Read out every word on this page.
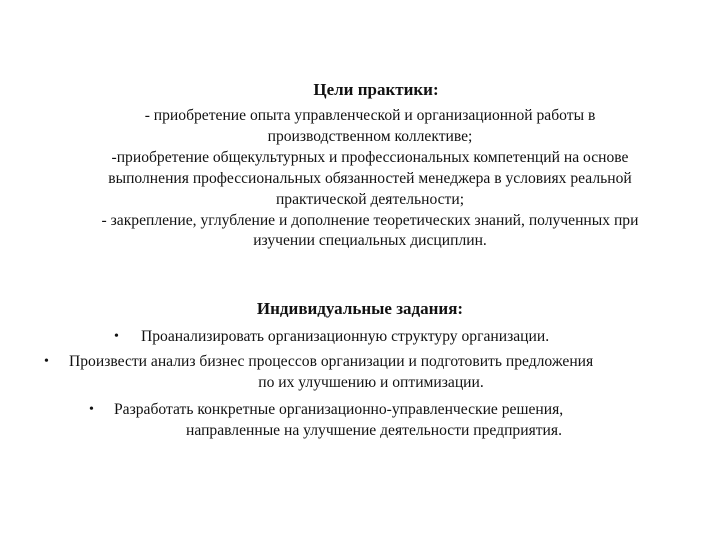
Цели практики:
- приобретение опыта управленческой и организационной работы в
производственном коллективе;
-приобретение общекультурных и профессиональных компетенций на основе
выполнения профессиональных обязанностей менеджера в условиях реальной
практической деятельности;
- закрепление, углубление и дополнение теоретических знаний, полученных при
изучении специальных дисциплин.
Индивидуальные задания:
• Проанализировать организационную структуру организации.
• Произвести анализ бизнес процессов организации и подготовить предложения
по их улучшению и оптимизации.
• Разработать конкретные организационно-управленческие решения,
направленные на улучшение деятельности предприятия.
